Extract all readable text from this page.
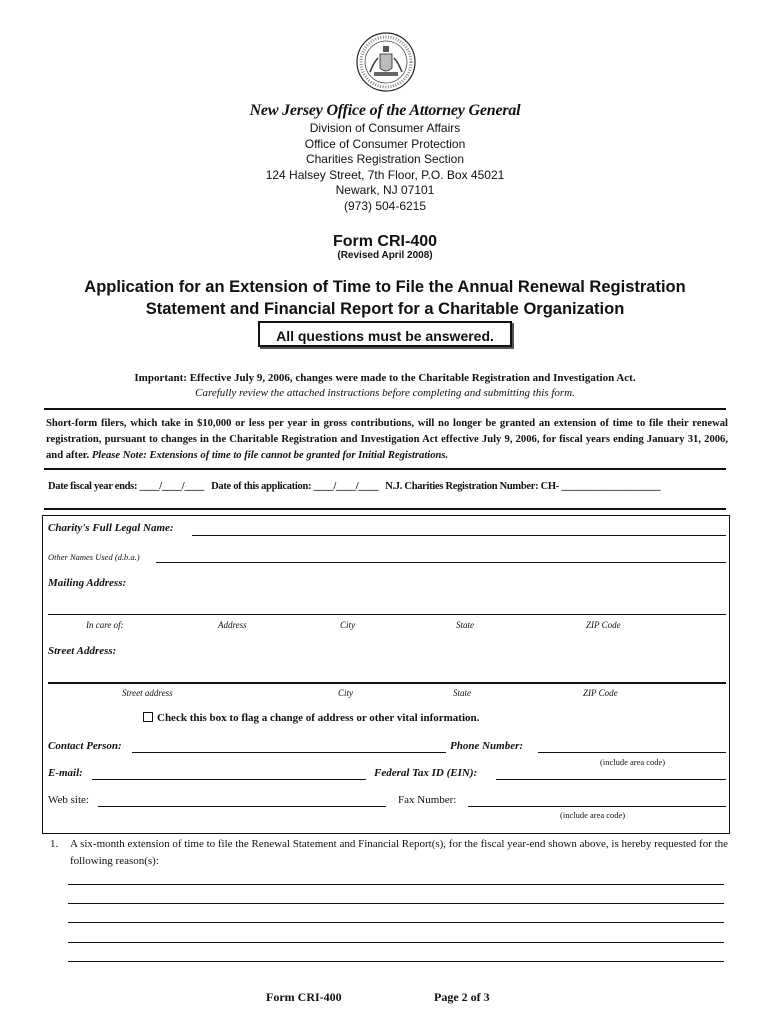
New Jersey Office of the Attorney General
Division of Consumer Affairs
Office of Consumer Protection
Charities Registration Section
124 Halsey Street, 7th Floor, P.O. Box 45021
Newark, NJ 07101
(973) 504-6215
Form CRI-400
(Revised April 2008)
Application for an Extension of Time to File the Annual Renewal Registration
Statement and Financial Report for a Charitable Organization
All questions must be answered.
Important: Effective July 9, 2006, changes were made to the Charitable Registration and Investigation Act.
Carefully review the attached instructions before completing and submitting this form.
Short-form filers, which take in $10,000 or less per year in gross contributions, will no longer be granted an extension of time to file their renewal registration, pursuant to changes in the Charitable Registration and Investigation Act effective July 9, 2006, for fiscal years ending January 31, 2006, and after. Please Note: Extensions of time to file cannot be granted for Initial Registrations.
Date fiscal year ends: ____/____/____ Date of this application: ____/____/____ N.J. Charities Registration Number: CH- ____________________
Charity's Full Legal Name:
Other Names Used (d.b.a.)
Mailing Address:
In care of:	Address	City	State	ZIP Code
Street Address:
Street address	City	State	ZIP Code
Check this box to flag a change of address or other vital information.
Contact Person:	Phone Number:
(include area code)
E-mail:	Federal Tax ID (EIN):
Web site:	Fax Number:
(include area code)
1.	A six-month extension of time to file the Renewal Statement and Financial Report(s), for the fiscal year-end shown above, is hereby requested for the following reason(s):
Form CRI-400	Page 2 of 3
